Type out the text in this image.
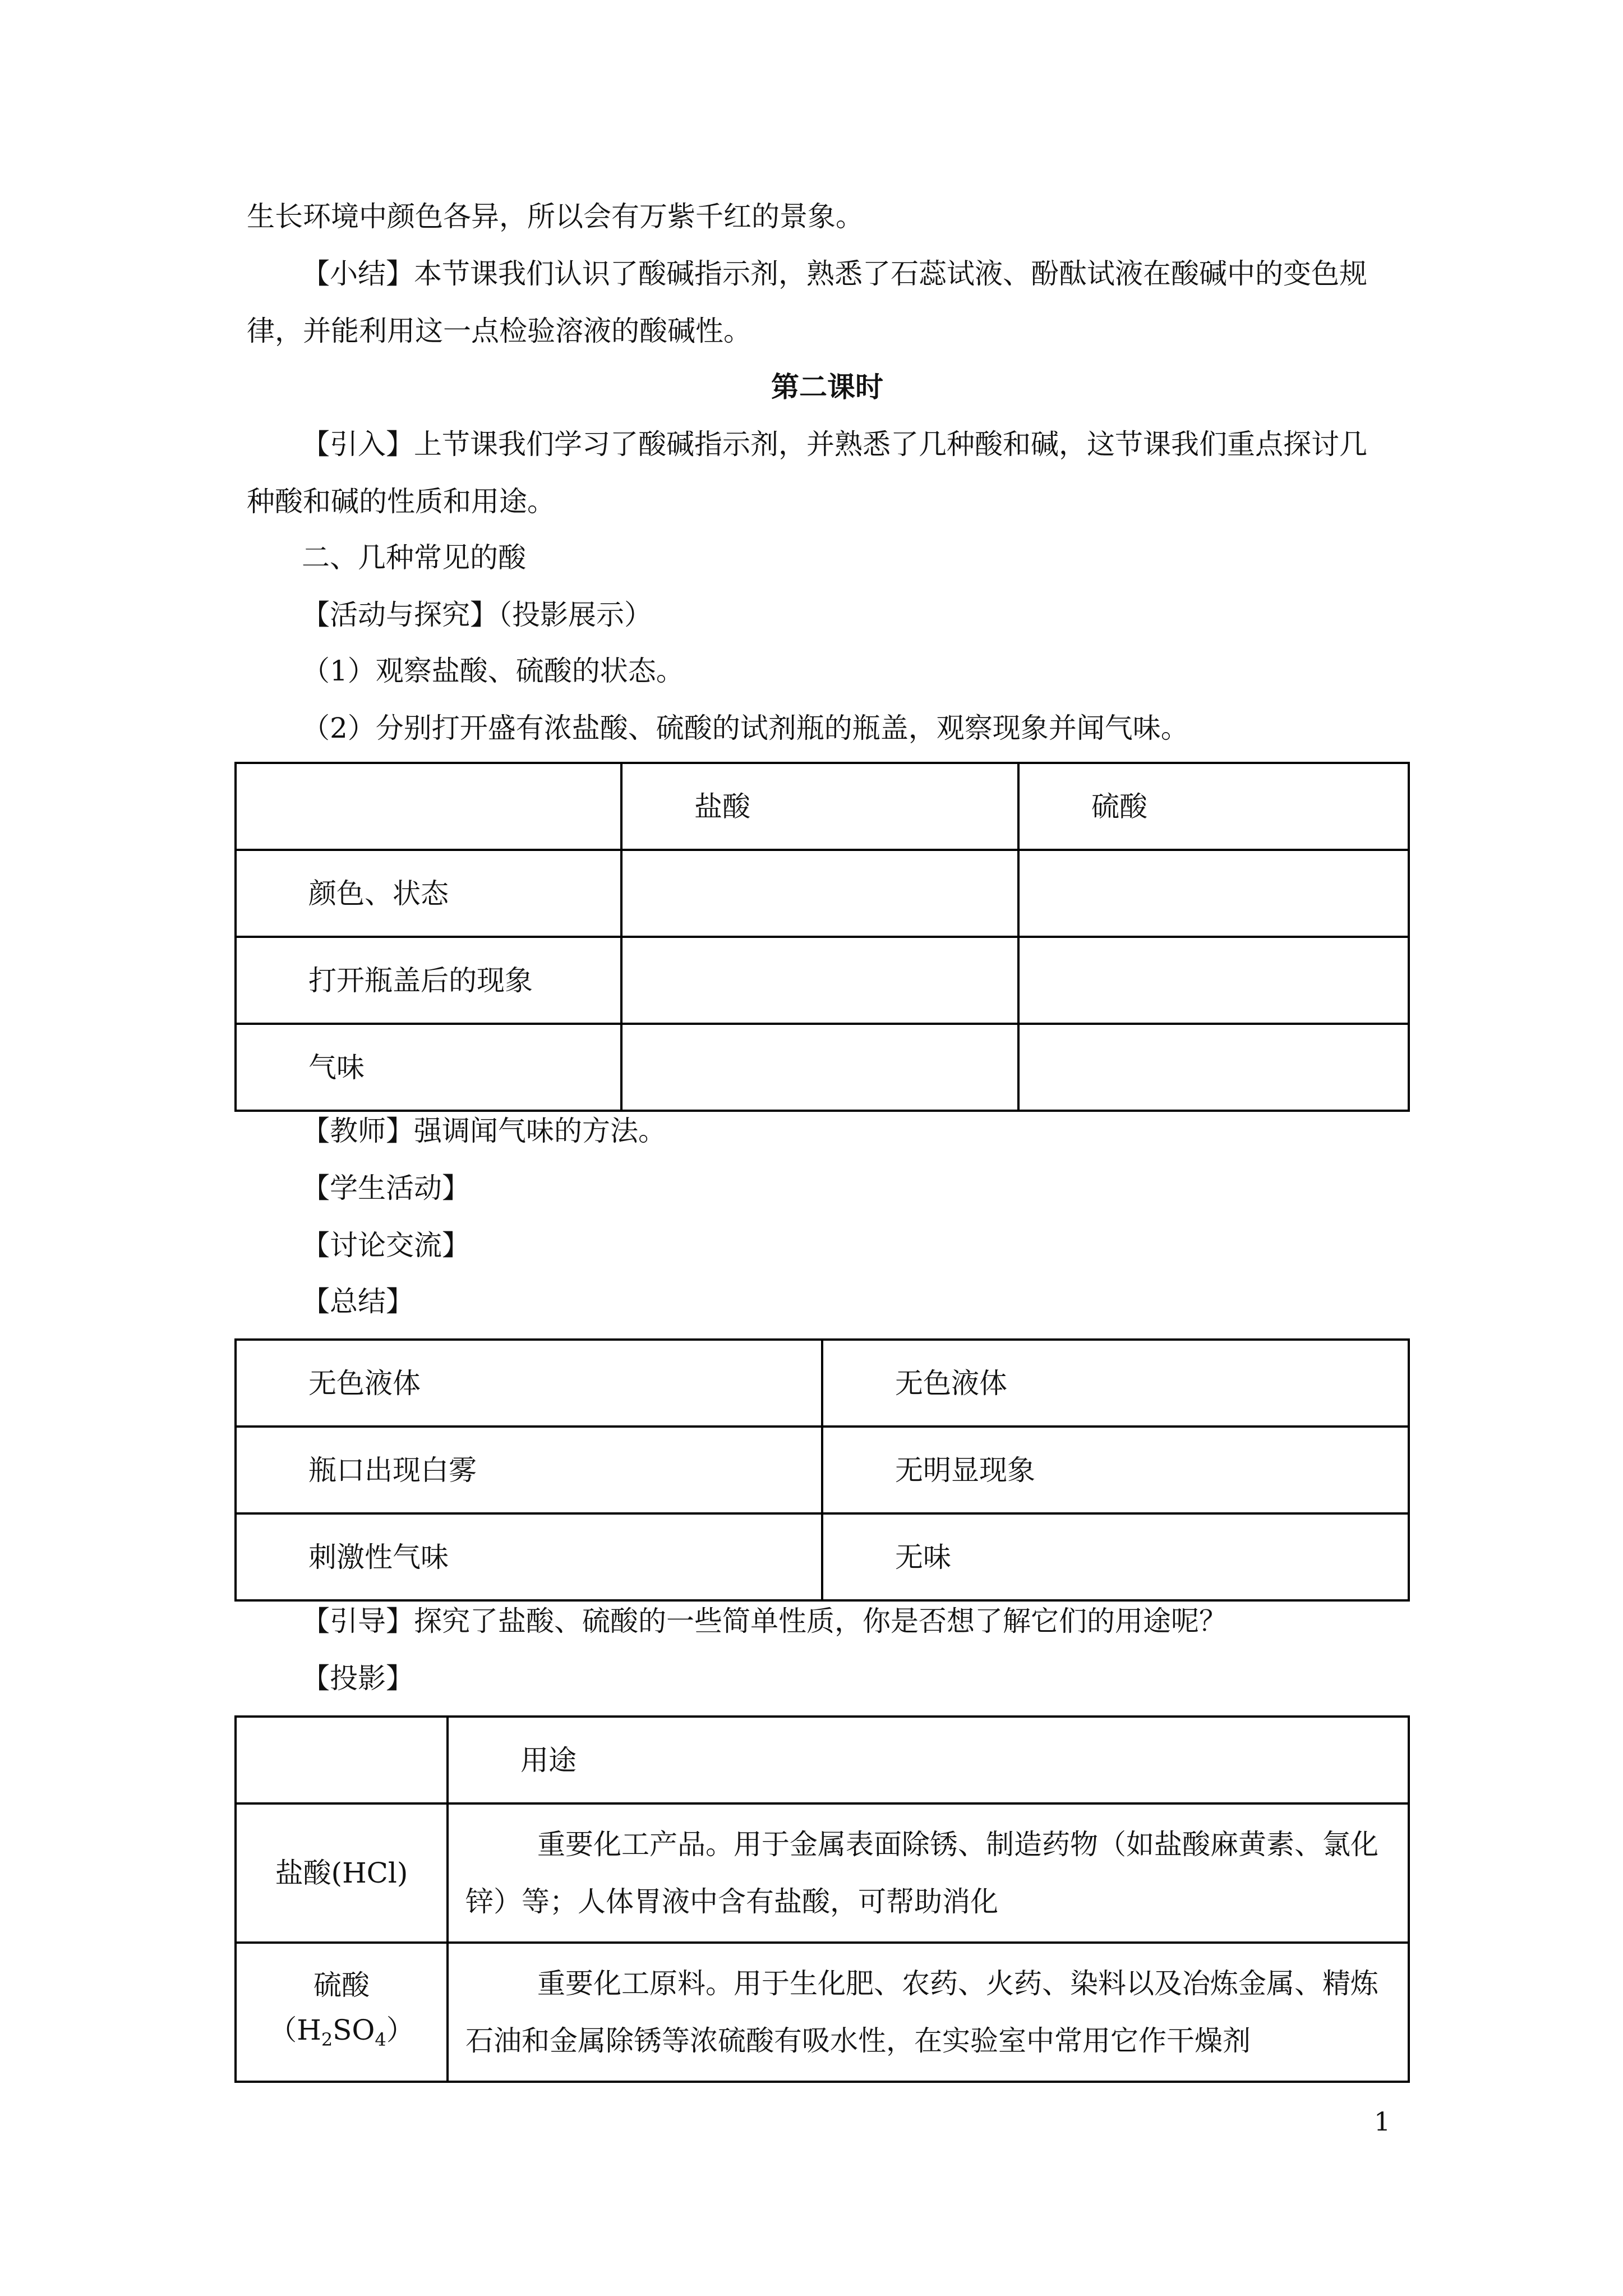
生长环境中颜色各异，所以会有万紫千红的景象。
【小结】本节课我们认识了酸碱指示剂，熟悉了石蕊试液、酚酞试液在酸碱中的变色规
律，并能利用这一点检验溶液的酸碱性。
第二课时
【引入】上节课我们学习了酸碱指示剂，并熟悉了几种酸和碱，这节课我们重点探讨几
种酸和碱的性质和用途。
二、几种常见的酸
【活动与探究】（投影展示）
（1）观察盐酸、硫酸的状态。
（2）分别打开盛有浓盐酸、硫酸的试剂瓶的瓶盖，观察现象并闻气味。

	盐酸	硫酸

颜色、状态		

打开瓶盖后的现象		

气味		

【教师】强调闻气味的方法。
【学生活动】
【讨论交流】
【总结】
无色液体	无色液体

瓶口出现白雾	无明显现象

刺激性气味	无味
【引导】探究了盐酸、硫酸的一些简单性质，你是否想了解它们的用途呢？
【投影】

	用途

盐酸(HCl)	重要化工产品。用于金属表面除锈、制造药物（如盐酸麻黄素、氯化锌）等；人体胃液中含有盐酸，可帮助消化

硫酸
$(H_2SO_4)$	重要化工原料。用于生化肥、农药、火药、染料以及冶炼金属、精炼石油和金属除锈等浓硫酸有吸水性，在实验室中常用它作干燥剂
1
